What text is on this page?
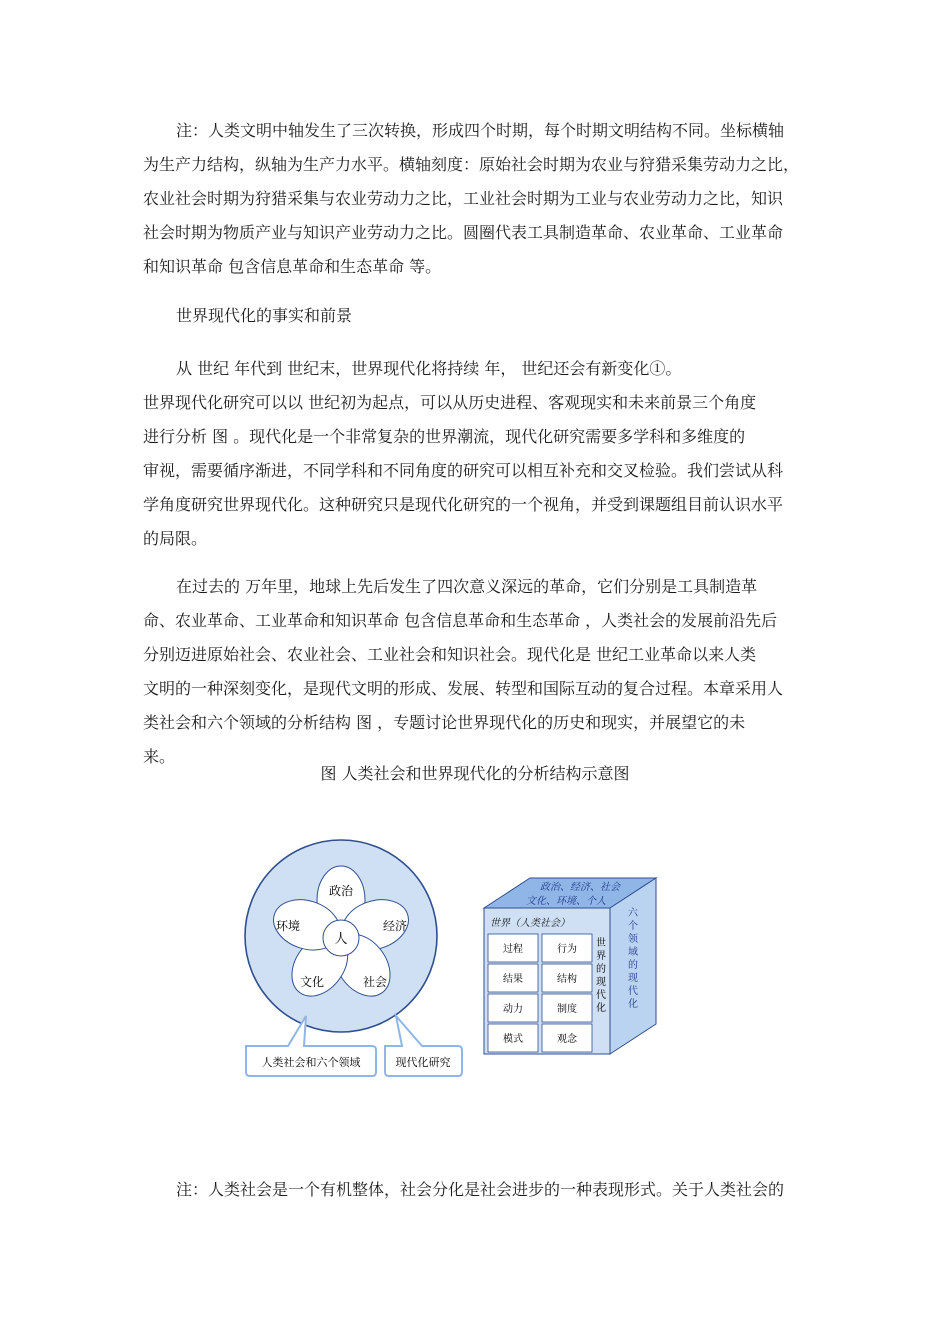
注：人类文明中轴发生了三次转换，形成四个时期，每个时期文明结构不同。坐标横轴
为生产力结构，纵轴为生产力水平。横轴刻度：原始社会时期为农业与狩猎采集劳动力之比，
农业社会时期为狩猎采集与农业劳动力之比，工业社会时期为工业与农业劳动力之比，知识
社会时期为物质产业与知识产业劳动力之比。圆圈代表工具制造革命、农业革命、工业革命
和知识革命 包含信息革命和生态革命 等。

世界现代化的事实和前景

从 世纪 年代到 世纪末，世界现代化将持续 年， 世纪还会有新变化①。
世界现代化研究可以以 世纪初为起点，可以从历史进程、客观现实和未来前景三个角度
进行分析 图 。现代化是一个非常复杂的世界潮流，现代化研究需要多学科和多维度的
审视，需要循序渐进，不同学科和不同角度的研究可以相互补充和交叉检验。我们尝试从科
学角度研究世界现代化。这种研究只是现代化研究的一个视角，并受到课题组目前认识水平
的局限。
在过去的 万年里，地球上先后发生了四次意义深远的革命，它们分别是工具制造革
命、农业革命、工业革命和知识革命 包含信息革命和生态革命 ，人类社会的发展前沿先后
分别迈进原始社会、农业社会、工业社会和知识社会。现代化是 世纪工业革命以来人类
文明的一种深刻变化，是现代文明的形成、发展、转型和国际互动的复合过程。本章采用人
类社会和六个领域的分析结构 图 ，专题讨论世界现代化的历史和现实，并展望它的未
来。

图 人类社会和世界现代化的分析结构示意图

人
政治
经济
社会
文化
环境
人类社会和六个领域	现代化研究
政治、经济、社会
文化、环境、个人
世界（人类社会）
过程	行为
结果	结构
动力	制度
模式	观念
世
界
的
现
代
化
六
个
领
域
的
现
代
化
注：人类社会是一个有机整体，社会分化是社会进步的一种表现形式。关于人类社会的
